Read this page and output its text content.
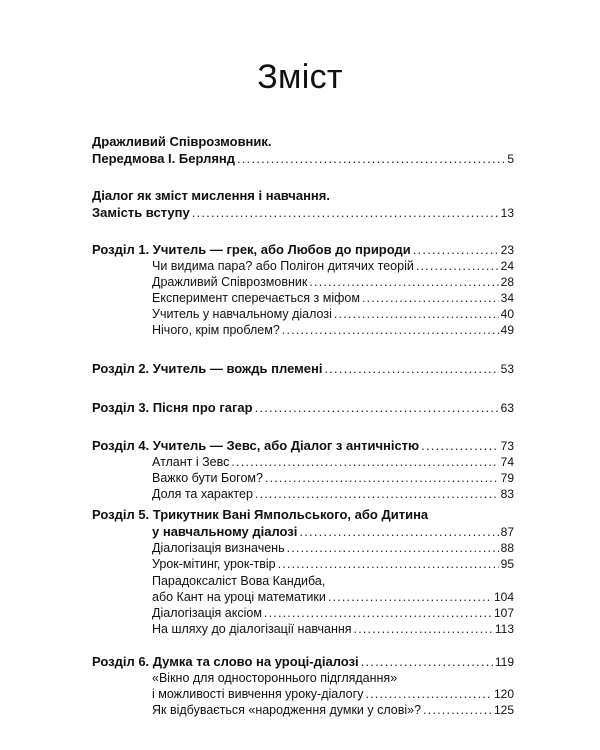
Зміст
Дражливий Співрозмовник.
Передмова І. Берлянд .....	5
Діалог як зміст мислення і навчання.
Замість вступу .....	13
Розділ 1. Учитель — грек, або Любов до природи .....	23
Чи видима пара? або Полігон дитячих теорій .....	24
Дражливий Співрозмовник .....	28
Експеримент сперечається з міфом .....	34
Учитель у навчальному діалозі .....	40
Нічого, крім проблем? .....	49
Розділ 2. Учитель — вождь племені .....	53
Розділ 3. Пісня про гагар .....	63
Розділ 4. Учитель — Зевс, або Діалог з античністю .....	73
Атлант і Зевс .....	74
Важко бути Богом? .....	79
Доля та характер .....	83
Розділ 5. Трикутник Вані Ямпольського, або Дитина
у навчальному діалозі .....	87
Діалогізація визначень .....	88
Урок-мітинг, урок-твір .....	95
Парадоксаліст Вова Кандиба,
або Кант на уроці математики .....	104
Діалогізація аксіом .....	107
На шляху до діалогізації навчання .....	113
Розділ 6. Думка та слово на уроці-діалозі .....	119
«Вікно для одностороннього підглядання»
і можливості вивчення уроку-діалогу .....	120
Як відбувається «народження думки у слові»? .....	125
